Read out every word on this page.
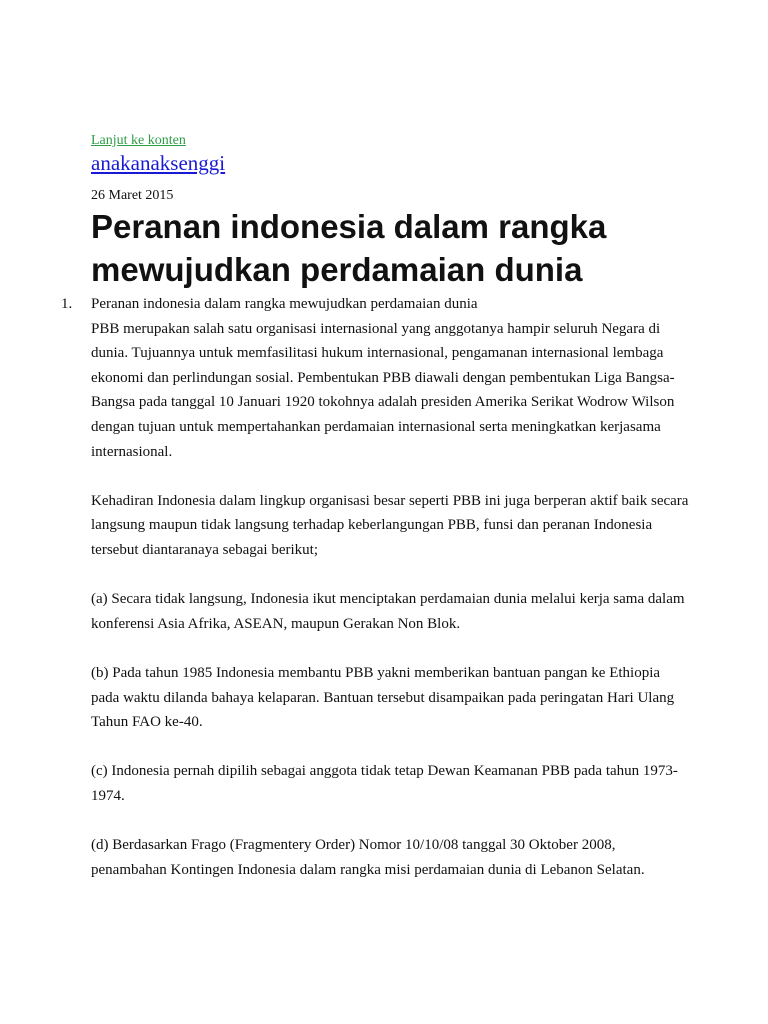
Lanjut ke konten
anakanaksenggi
26 Maret 2015
Peranan indonesia dalam rangka mewujudkan perdamaian dunia
1. Peranan indonesia dalam rangka mewujudkan perdamaian dunia

PBB merupakan salah satu organisasi internasional yang anggotanya hampir seluruh Negara di dunia. Tujuannya untuk memfasilitasi hukum internasional, pengamanan internasional lembaga ekonomi dan perlindungan sosial. Pembentukan PBB diawali dengan pembentukan Liga Bangsa-Bangsa pada tanggal 10 Januari 1920 tokohnya adalah presiden Amerika Serikat Wodrow Wilson dengan tujuan untuk mempertahankan perdamaian internasional serta meningkatkan kerjasama internasional.

Kehadiran Indonesia dalam lingkup organisasi besar seperti PBB ini juga berperan aktif baik secara langsung maupun tidak langsung terhadap keberlangungan PBB, funsi dan peranan Indonesia tersebut diantaranaya sebagai berikut;

(a) Secara tidak langsung, Indonesia ikut menciptakan perdamaian dunia melalui kerja sama dalam konferensi Asia Afrika, ASEAN, maupun Gerakan Non Blok.

(b) Pada tahun 1985 Indonesia membantu PBB yakni memberikan bantuan pangan ke Ethiopia pada waktu dilanda bahaya kelaparan. Bantuan tersebut disampaikan pada peringatan Hari Ulang Tahun FAO ke-40.

(c) Indonesia pernah dipilih sebagai anggota tidak tetap Dewan Keamanan PBB pada tahun 1973-1974.

(d) Berdasarkan Frago (Fragmentery Order) Nomor 10/10/08 tanggal 30 Oktober 2008, penambahan Kontingen Indonesia dalam rangka misi perdamaian dunia di Lebanon Selatan.
